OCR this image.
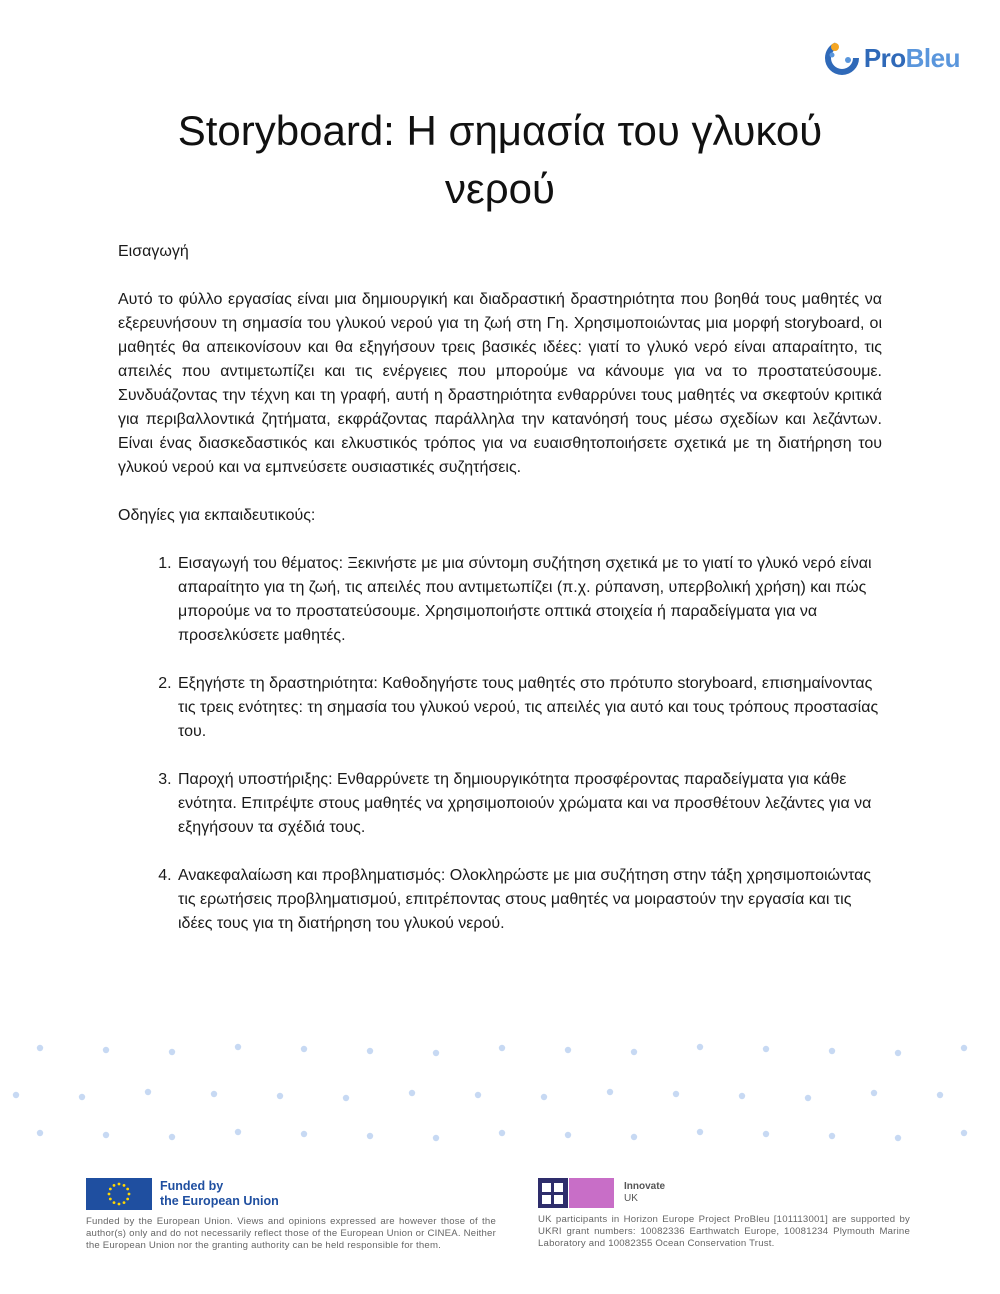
ProBleu
Storyboard: Η σημασία του γλυκού νερού

Εισαγωγή

Αυτό το φύλλο εργασίας είναι μια δημιουργική και διαδραστική δραστηριότητα που βοηθά τους μαθητές να εξερευνήσουν τη σημασία του γλυκού νερού για τη ζωή στη Γη. Χρησιμοποιώντας μια μορφή storyboard, οι μαθητές θα απεικονίσουν και θα εξηγήσουν τρεις βασικές ιδέες: γιατί το γλυκό νερό είναι απαραίτητο, τις απειλές που αντιμετωπίζει και τις ενέργειες που μπορούμε να κάνουμε για να το προστατεύσουμε. Συνδυάζοντας την τέχνη και τη γραφή, αυτή η δραστηριότητα ενθαρρύνει τους μαθητές να σκεφτούν κριτικά για περιβαλλοντικά ζητήματα, εκφράζοντας παράλληλα την κατανόησή τους μέσω σχεδίων και λεζάντων. Είναι ένας διασκεδαστικός και ελκυστικός τρόπος για να ευαισθητοποιήσετε σχετικά με τη διατήρηση του γλυκού νερού και να εμπνεύσετε ουσιαστικές συζητήσεις.

Οδηγίες για εκπαιδευτικούς:

1. Εισαγωγή του θέματος: Ξεκινήστε με μια σύντομη συζήτηση σχετικά με το γιατί το γλυκό νερό είναι απαραίτητο για τη ζωή, τις απειλές που αντιμετωπίζει (π.χ. ρύπανση, υπερβολική χρήση) και πώς μπορούμε να το προστατεύσουμε. Χρησιμοποιήστε οπτικά στοιχεία ή παραδείγματα για να προσελκύσετε μαθητές.
2. Εξηγήστε τη δραστηριότητα: Καθοδηγήστε τους μαθητές στο πρότυπο storyboard, επισημαίνοντας τις τρεις ενότητες: τη σημασία του γλυκού νερού, τις απειλές για αυτό και τους τρόπους προστασίας του.
3. Παροχή υποστήριξης: Ενθαρρύνετε τη δημιουργικότητα προσφέροντας παραδείγματα για κάθε ενότητα. Επιτρέψτε στους μαθητές να χρησιμοποιούν χρώματα και να προσθέτουν λεζάντες για να εξηγήσουν τα σχέδιά τους.
4. Ανακεφαλαίωση και προβληματισμός: Ολοκληρώστε με μια συζήτηση στην τάξη χρησιμοποιώντας τις ερωτήσεις προβληματισμού, επιτρέποντας στους μαθητές να μοιραστούν την εργασία και τις ιδέες τους για τη διατήρηση του γλυκού νερού.
Funded by
the European Union
Funded by the European Union. Views and opinions expressed are however those of the author(s) only and do not necessarily reflect those of the European Union or CINEA. Neither the European Union nor the granting authority can be held responsible for them.
Innovate
UK
UK participants in Horizon Europe Project ProBleu [101113001] are supported by UKRI grant numbers: 10082336 Earthwatch Europe, 10081234 Plymouth Marine Laboratory and 10082355 Ocean Conservation Trust.
